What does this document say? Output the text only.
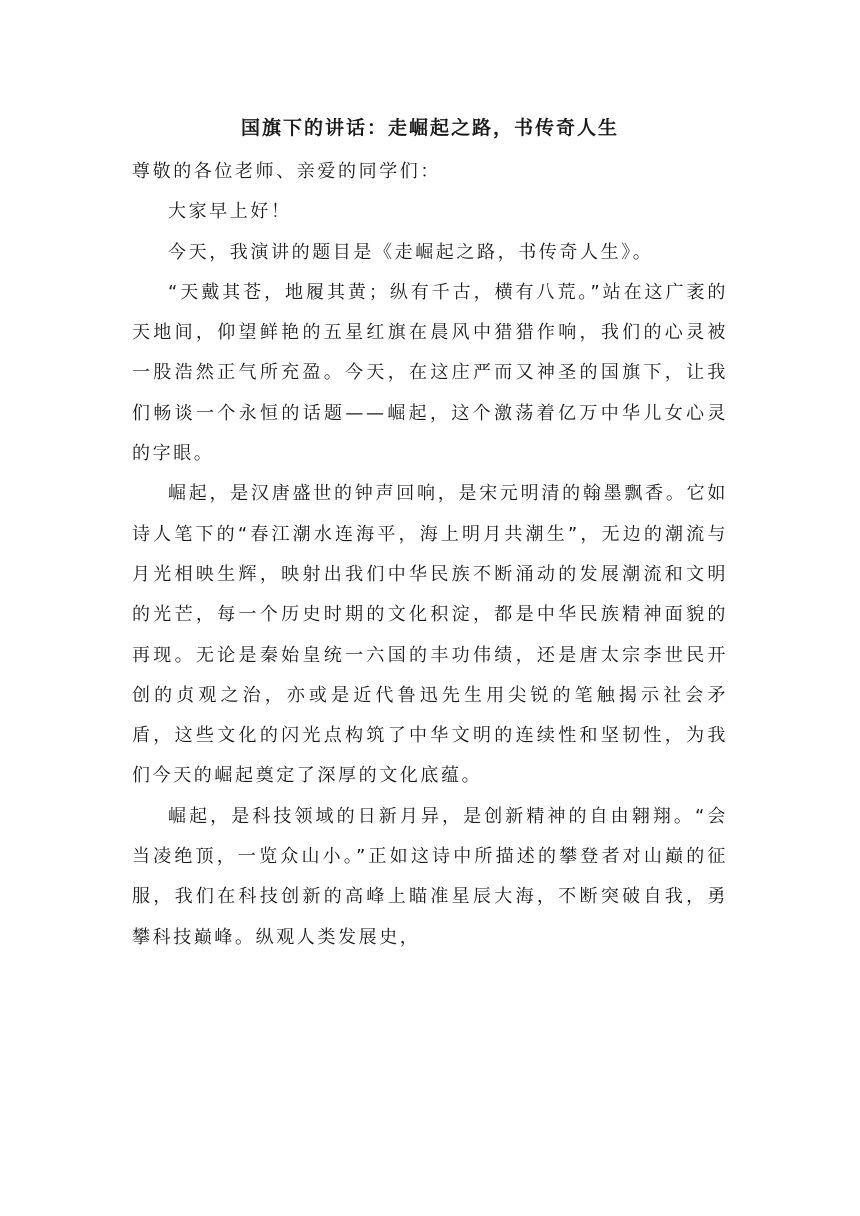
国旗下的讲话：走崛起之路，书传奇人生

尊敬的各位老师、亲爱的同学们：

大家早上好！

今天，我演讲的题目是《走崛起之路，书传奇人生》。

“天戴其苍，地履其黄；纵有千古，横有八荒。”站在这广袤的天地间，仰望鲜艳的五星红旗在晨风中猎猎作响，我们的心灵被一股浩然正气所充盈。今天，在这庄严而又神圣的国旗下，让我们畅谈一个永恒的话题——崛起，这个激荡着亿万中华儿女心灵的字眼。

崛起，是汉唐盛世的钟声回响，是宋元明清的翰墨飘香。它如诗人笔下的“春江潮水连海平，海上明月共潮生”，无边的潮流与月光相映生辉，映射出我们中华民族不断涌动的发展潮流和文明的光芒，每一个历史时期的文化积淀，都是中华民族精神面貌的再现。无论是秦始皇统一六国的丰功伟绩，还是唐太宗李世民开创的贞观之治，亦或是近代鲁迅先生用尖锐的笔触揭示社会矛盾，这些文化的闪光点构筑了中华文明的连续性和坚韧性，为我们今天的崛起奠定了深厚的文化底蕴。

崛起，是科技领域的日新月异，是创新精神的自由翱翔。“会当凌绝顶，一览众山小。”正如这诗中所描述的攀登者对山巅的征服，我们在科技创新的高峰上瞄准星辰大海，不断突破自我，勇攀科技巅峰。纵观人类发展史，
